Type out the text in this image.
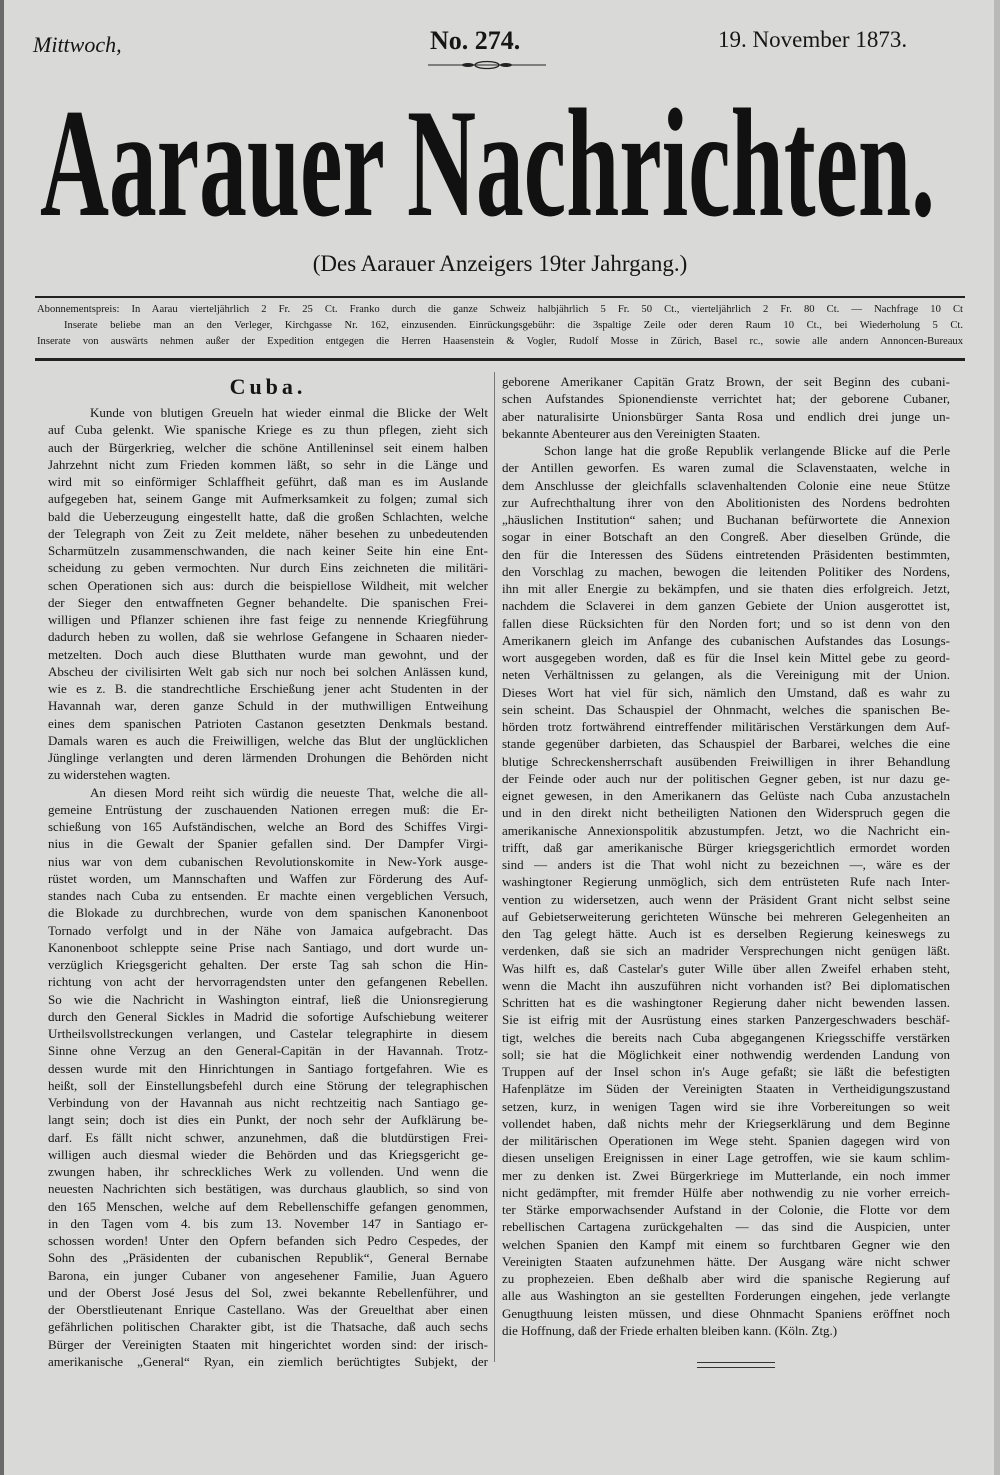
Mittwoch,	No. 274.	19. November 1873.
Aarauer Nachrichten.
(Des Aarauer Anzeigers 19ter Jahrgang.)
Abonnementspreis: In Aarau vierteljährlich 2 Fr. 25 Ct. Franko durch die ganze Schweiz halbjährlich 5 Fr. 50 Ct., vierteljährlich 2 Fr. 80 Ct. — Nachfrage 10 Ct
Inserate beliebe man an den Verleger, Kirchgasse Nr. 162, einzusenden. Einrückungsgebühr: die 3spaltige Zeile oder deren Raum 10 Ct., bei Wiederholung 5 Ct.
Inserate von auswärts nehmen außer der Expedition entgegen die Herren Haasenstein & Vogler, Rudolf Mosse in Zürich, Basel rc., sowie alle andern Annoncen-Bureaux
Cuba.
Kunde von blutigen Greueln hat wieder einmal die Blicke der Welt
auf Cuba gelenkt. Wie spanische Kriege es zu thun pflegen, zieht sich
auch der Bürgerkrieg, welcher die schöne Antilleninsel seit einem halben
Jahrzehnt nicht zum Frieden kommen läßt, so sehr in die Länge und
wird mit so einförmiger Schlaffheit geführt, daß man es im Auslande
aufgegeben hat, seinem Gange mit Aufmerksamkeit zu folgen; zumal sich
bald die Ueberzeugung eingestellt hatte, daß die großen Schlachten, welche
der Telegraph von Zeit zu Zeit meldete, näher besehen zu unbedeutenden
Scharmützeln zusammenschwanden, die nach keiner Seite hin eine Ent-
scheidung zu geben vermochten. Nur durch Eins zeichneten die militäri-
schen Operationen sich aus: durch die beispiellose Wildheit, mit welcher
der Sieger den entwaffneten Gegner behandelte. Die spanischen Frei-
willigen und Pflanzer schienen ihre fast feige zu nennende Kriegführung
dadurch heben zu wollen, daß sie wehrlose Gefangene in Schaaren nieder-
metzelten. Doch auch diese Blutthaten wurde man gewohnt, und der
Abscheu der civilisirten Welt gab sich nur noch bei solchen Anlässen kund,
wie es z. B. die standrechtliche Erschießung jener acht Studenten in der
Havannah war, deren ganze Schuld in der muthwilligen Entweihung
eines dem spanischen Patrioten Castanon gesetzten Denkmals bestand.
Damals waren es auch die Freiwilligen, welche das Blut der unglücklichen
Jünglinge verlangten und deren lärmenden Drohungen die Behörden nicht
zu widerstehen wagten.
An diesen Mord reiht sich würdig die neueste That, welche die all-
gemeine Entrüstung der zuschauenden Nationen erregen muß: die Er-
schießung von 165 Aufständischen, welche an Bord des Schiffes Virgi-
nius in die Gewalt der Spanier gefallen sind. Der Dampfer Virgi-
nius war von dem cubanischen Revolutionskomite in New-York ausge-
rüstet worden, um Mannschaften und Waffen zur Förderung des Auf-
standes nach Cuba zu entsenden. Er machte einen vergeblichen Versuch,
die Blokade zu durchbrechen, wurde von dem spanischen Kanonenboot
Tornado verfolgt und in der Nähe von Jamaica aufgebracht. Das
Kanonenboot schleppte seine Prise nach Santiago, und dort wurde un-
verzüglich Kriegsgericht gehalten. Der erste Tag sah schon die Hin-
richtung von acht der hervorragendsten unter den gefangenen Rebellen.
So wie die Nachricht in Washington eintraf, ließ die Unionsregierung
durch den General Sickles in Madrid die sofortige Aufschiebung weiterer
Urtheilsvollstreckungen verlangen, und Castelar telegraphirte in diesem
Sinne ohne Verzug an den General-Capitän in der Havannah. Trotz-
dessen wurde mit den Hinrichtungen in Santiago fortgefahren. Wie es
heißt, soll der Einstellungsbefehl durch eine Störung der telegraphischen
Verbindung von der Havannah aus nicht rechtzeitig nach Santiago ge-
langt sein; doch ist dies ein Punkt, der noch sehr der Aufklärung be-
darf. Es fällt nicht schwer, anzunehmen, daß die blutdürstigen Frei-
willigen auch diesmal wieder die Behörden und das Kriegsgericht ge-
zwungen haben, ihr schreckliches Werk zu vollenden. Und wenn die
neuesten Nachrichten sich bestätigen, was durchaus glaublich, so sind von
den 165 Menschen, welche auf dem Rebellenschiffe gefangen genommen,
in den Tagen vom 4. bis zum 13. November 147 in Santiago er-
schossen worden! Unter den Opfern befanden sich Pedro Cespedes, der
Sohn des „Präsidenten der cubanischen Republik“, General Bernabe
Barona, ein junger Cubaner von angesehener Familie, Juan Aguero
und der Oberst José Jesus del Sol, zwei bekannte Rebellenführer, und
der Oberstlieutenant Enrique Castellano. Was der Greuelthat aber einen
gefährlichen politischen Charakter gibt, ist die Thatsache, daß auch sechs
Bürger der Vereinigten Staaten mit hingerichtet worden sind: der irisch-
amerikanische „General“ Ryan, ein ziemlich berüchtigtes Subjekt, der
geborene Amerikaner Capitän Gratz Brown, der seit Beginn des cubani-
schen Aufstandes Spionendienste verrichtet hat; der geborene Cubaner,
aber naturalisirte Unionsbürger Santa Rosa und endlich drei junge un-
bekannte Abenteurer aus den Vereinigten Staaten.
Schon lange hat die große Republik verlangende Blicke auf die Perle
der Antillen geworfen. Es waren zumal die Sclavenstaaten, welche in
dem Anschlusse der gleichfalls sclavenhaltenden Colonie eine neue Stütze
zur Aufrechthaltung ihrer von den Abolitionisten des Nordens bedrohten
„häuslichen Institution“ sahen; und Buchanan befürwortete die Annexion
sogar in einer Botschaft an den Congreß. Aber dieselben Gründe, die
den für die Interessen des Südens eintretenden Präsidenten bestimmten,
den Vorschlag zu machen, bewogen die leitenden Politiker des Nordens,
ihn mit aller Energie zu bekämpfen, und sie thaten dies erfolgreich. Jetzt,
nachdem die Sclaverei in dem ganzen Gebiete der Union ausgerottet ist,
fallen diese Rücksichten für den Norden fort; und so ist denn von den
Amerikanern gleich im Anfange des cubanischen Aufstandes das Losungs-
wort ausgegeben worden, daß es für die Insel kein Mittel gebe zu geord-
neten Verhältnissen zu gelangen, als die Vereinigung mit der Union.
Dieses Wort hat viel für sich, nämlich den Umstand, daß es wahr zu
sein scheint. Das Schauspiel der Ohnmacht, welches die spanischen Be-
hörden trotz fortwährend eintreffender militärischen Verstärkungen dem Auf-
stande gegenüber darbieten, das Schauspiel der Barbarei, welches die eine
blutige Schreckensherrschaft ausübenden Freiwilligen in ihrer Behandlung
der Feinde oder auch nur der politischen Gegner geben, ist nur dazu ge-
eignet gewesen, in den Amerikanern das Gelüste nach Cuba anzustacheln
und in den direkt nicht betheiligten Nationen den Widerspruch gegen die
amerikanische Annexionspolitik abzustumpfen. Jetzt, wo die Nachricht ein-
trifft, daß gar amerikanische Bürger kriegsgerichtlich ermordet worden
sind — anders ist die That wohl nicht zu bezeichnen —, wäre es der
washingtoner Regierung unmöglich, sich dem entrüsteten Rufe nach Inter-
vention zu widersetzen, auch wenn der Präsident Grant nicht selbst seine
auf Gebietserweiterung gerichteten Wünsche bei mehreren Gelegenheiten an
den Tag gelegt hätte. Auch ist es derselben Regierung keineswegs zu
verdenken, daß sie sich an madrider Versprechungen nicht genügen läßt.
Was hilft es, daß Castelar's guter Wille über allen Zweifel erhaben steht,
wenn die Macht ihn auszuführen nicht vorhanden ist? Bei diplomatischen
Schritten hat es die washingtoner Regierung daher nicht bewenden lassen.
Sie ist eifrig mit der Ausrüstung eines starken Panzergeschwaders beschäf-
tigt, welches die bereits nach Cuba abgegangenen Kriegsschiffe verstärken
soll; sie hat die Möglichkeit einer nothwendig werdenden Landung von
Truppen auf der Insel schon in's Auge gefaßt; sie läßt die befestigten
Hafenplätze im Süden der Vereinigten Staaten in Vertheidigungszustand
setzen, kurz, in wenigen Tagen wird sie ihre Vorbereitungen so weit
vollendet haben, daß nichts mehr der Kriegserklärung und dem Beginne
der militärischen Operationen im Wege steht. Spanien dagegen wird von
diesen unseligen Ereignissen in einer Lage getroffen, wie sie kaum schlim-
mer zu denken ist. Zwei Bürgerkriege im Mutterlande, ein noch immer
nicht gedämpfter, mit fremder Hülfe aber nothwendig zu nie vorher erreich-
ter Stärke emporwachsender Aufstand in der Colonie, die Flotte vor dem
rebellischen Cartagena zurückgehalten — das sind die Auspicien, unter
welchen Spanien den Kampf mit einem so furchtbaren Gegner wie den
Vereinigten Staaten aufzunehmen hätte. Der Ausgang wäre nicht schwer
zu prophezeien. Eben deßhalb aber wird die spanische Regierung auf
alle aus Washington an sie gestellten Forderungen eingehen, jede verlangte
Genugthuung leisten müssen, und diese Ohnmacht Spaniens eröffnet noch
die Hoffnung, daß der Friede erhalten bleiben kann. (Köln. Ztg.)
